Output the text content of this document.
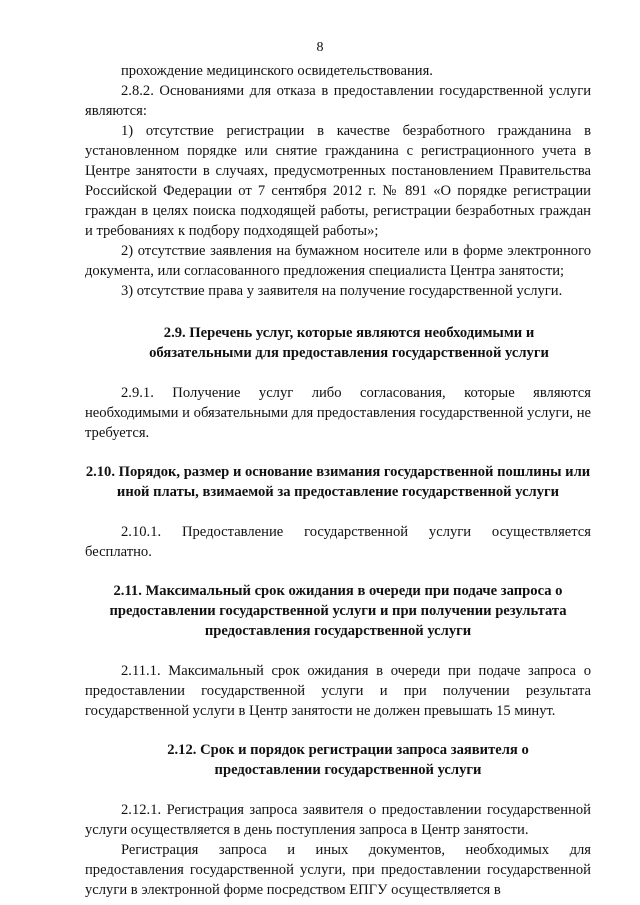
8

прохождение медицинского освидетельствования.

2.8.2. Основаниями для отказа в предоставлении государственной услуги являются:

1) отсутствие регистрации в качестве безработного гражданина в установленном порядке или снятие гражданина с регистрационного учета в Центре занятости в случаях, предусмотренных постановлением Правительства Российской Федерации от 7 сентября 2012 г. № 891 «О порядке регистрации граждан в целях поиска подходящей работы, регистрации безработных граждан и требованиях к подбору подходящей работы»;

2) отсутствие заявления на бумажном носителе или в форме электронного документа, или согласованного предложения специалиста Центра занятости;

3) отсутствие права у заявителя на получение государственной услуги.

2.9. Перечень услуг, которые являются необходимыми и обязательными для предоставления государственной услуги

2.9.1. Получение услуг либо согласования, которые являются необходимыми и обязательными для предоставления государственной услуги, не требуется.

2.10. Порядок, размер и основание взимания государственной пошлины или иной платы, взимаемой за предоставление государственной услуги

2.10.1. Предоставление государственной услуги осуществляется бесплатно.

2.11. Максимальный срок ожидания в очереди при подаче запроса о предоставлении государственной услуги и при получении результата предоставления государственной услуги

2.11.1. Максимальный срок ожидания в очереди при подаче запроса о предоставлении государственной услуги и при получении результата государственной услуги в Центр занятости не должен превышать 15 минут.

2.12. Срок и порядок регистрации запроса заявителя о предоставлении государственной услуги

2.12.1. Регистрация запроса заявителя о предоставлении государственной услуги осуществляется в день поступления запроса в Центр занятости.

Регистрация запроса и иных документов, необходимых для предоставления государственной услуги, при предоставлении государственной услуги в электронной форме посредством ЕПГУ осуществляется в
